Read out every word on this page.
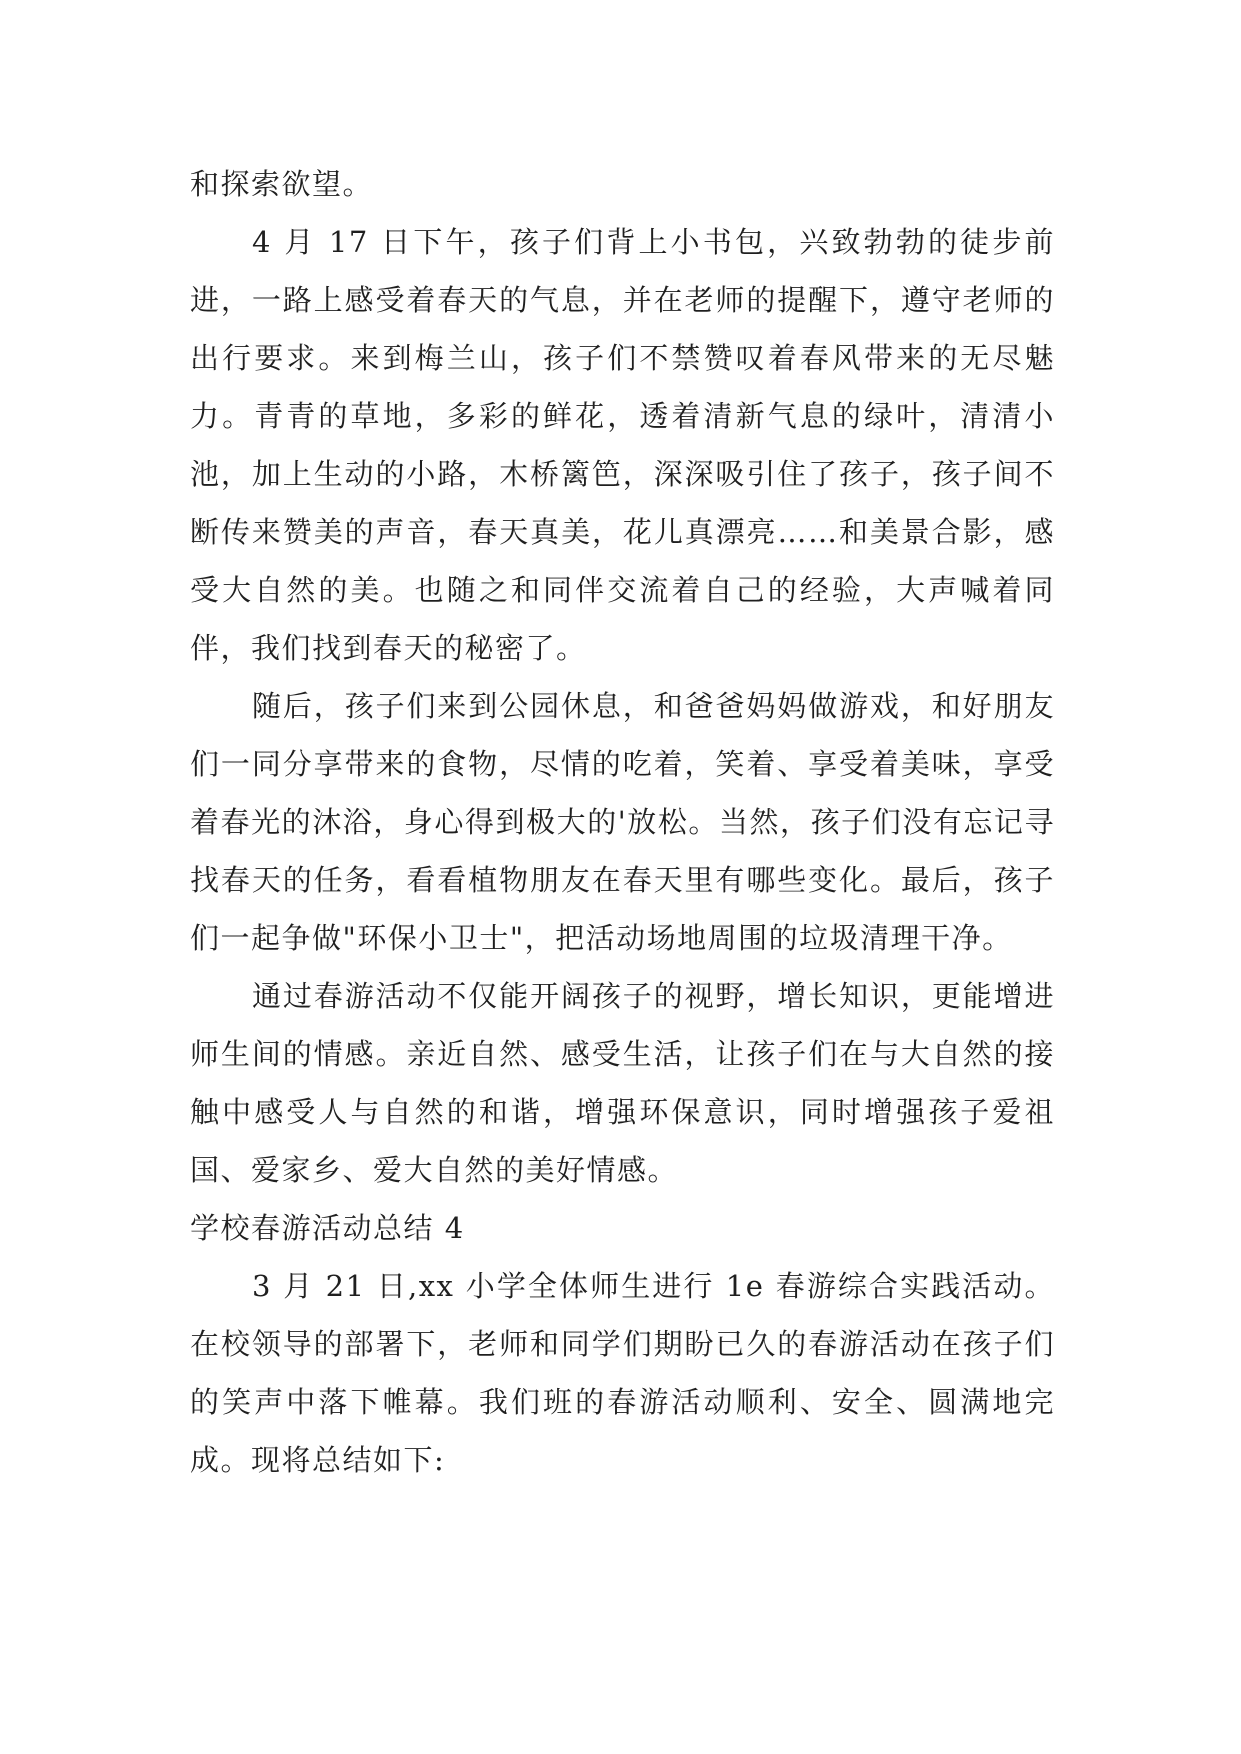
和探索欲望。

4 月 17 日下午，孩子们背上小书包，兴致勃勃的徒步前进，一路上感受着春天的气息，并在老师的提醒下，遵守老师的出行要求。来到梅兰山，孩子们不禁赞叹着春风带来的无尽魅力。青青的草地，多彩的鲜花，透着清新气息的绿叶，清清小池，加上生动的小路，木桥篱笆，深深吸引住了孩子，孩子间不断传来赞美的声音，春天真美，花儿真漂亮……和美景合影，感受大自然的美。也随之和同伴交流着自己的经验，大声喊着同伴，我们找到春天的秘密了。

随后，孩子们来到公园休息，和爸爸妈妈做游戏，和好朋友们一同分享带来的食物，尽情的吃着，笑着、享受着美味，享受着春光的沐浴，身心得到极大的'放松。当然，孩子们没有忘记寻找春天的任务，看看植物朋友在春天里有哪些变化。最后，孩子们一起争做"环保小卫士"，把活动场地周围的垃圾清理干净。

通过春游活动不仅能开阔孩子的视野，增长知识，更能增进师生间的情感。亲近自然、感受生活，让孩子们在与大自然的接触中感受人与自然的和谐，增强环保意识，同时增强孩子爱祖国、爱家乡、爱大自然的美好情感。

学校春游活动总结 4

3 月 21 日,xx 小学全体师生进行 1e 春游综合实践活动。在校领导的部署下，老师和同学们期盼已久的春游活动在孩子们的笑声中落下帷幕。我们班的春游活动顺利、安全、圆满地完成。现将总结如下:
